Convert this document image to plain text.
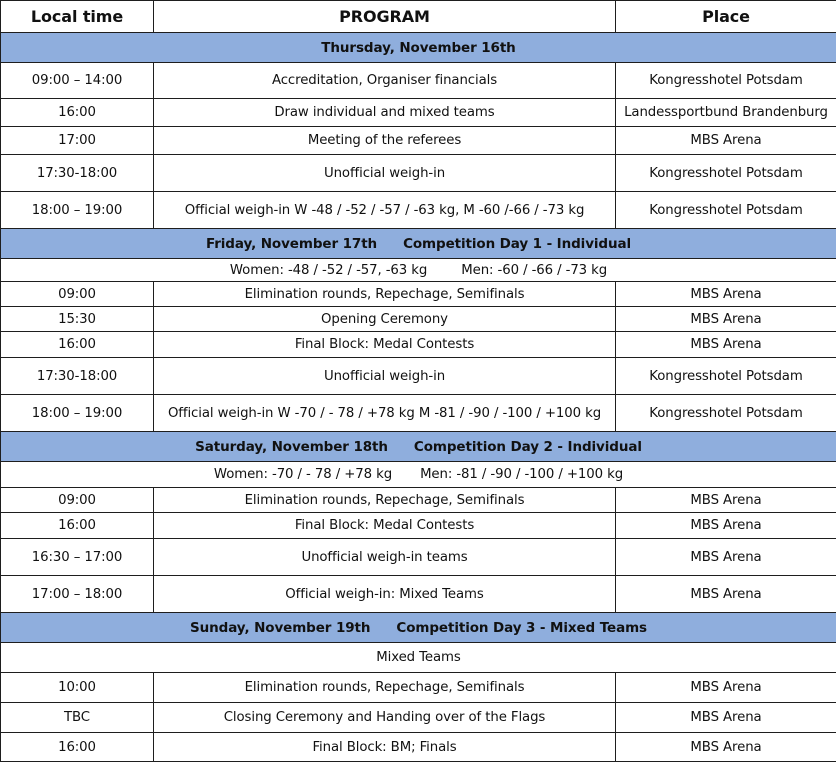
Local time	PROGRAM	Place
Thursday, November 16th		
09:00 – 14:00	Accreditation, Organiser financials	Kongresshotel Potsdam
16:00	Draw individual and mixed teams	Landessportbund Brandenburg
17:00	Meeting of the referees	MBS Arena
17:30-18:00	Unofficial weigh-in	Kongresshotel Potsdam
18:00 – 19:00	Official weigh-in W -48 / -52 / -57 / -63 kg, M -60 /-66 / -73 kg	Kongresshotel Potsdam
Friday, November 17th Competition Day 1 - Individual		
Women: -48 / -52 / -57, -63 kg Men: -60 / -66 / -73 kg		
09:00	Elimination rounds, Repechage, Semifinals	MBS Arena
15:30	Opening Ceremony	MBS Arena
16:00	Final Block: Medal Contests	MBS Arena
17:30-18:00	Unofficial weigh-in	Kongresshotel Potsdam
18:00 – 19:00	Official weigh-in W -70 / - 78 / +78 kg M -81 / -90 / -100 / +100 kg	Kongresshotel Potsdam
Saturday, November 18th Competition Day 2 - Individual		
Women: -70 / - 78 / +78 kg Men: -81 / -90 / -100 / +100 kg		
09:00	Elimination rounds, Repechage, Semifinals	MBS Arena
16:00	Final Block: Medal Contests	MBS Arena
16:30 – 17:00	Unofficial weigh-in teams	MBS Arena
17:00 – 18:00	Official weigh-in: Mixed Teams	MBS Arena
Sunday, November 19th Competition Day 3 - Mixed Teams		
Mixed Teams		
10:00	Elimination rounds, Repechage, Semifinals	MBS Arena
TBC	Closing Ceremony and Handing over of the Flags	MBS Arena
16:00	Final Block: BM; Finals	MBS Arena
